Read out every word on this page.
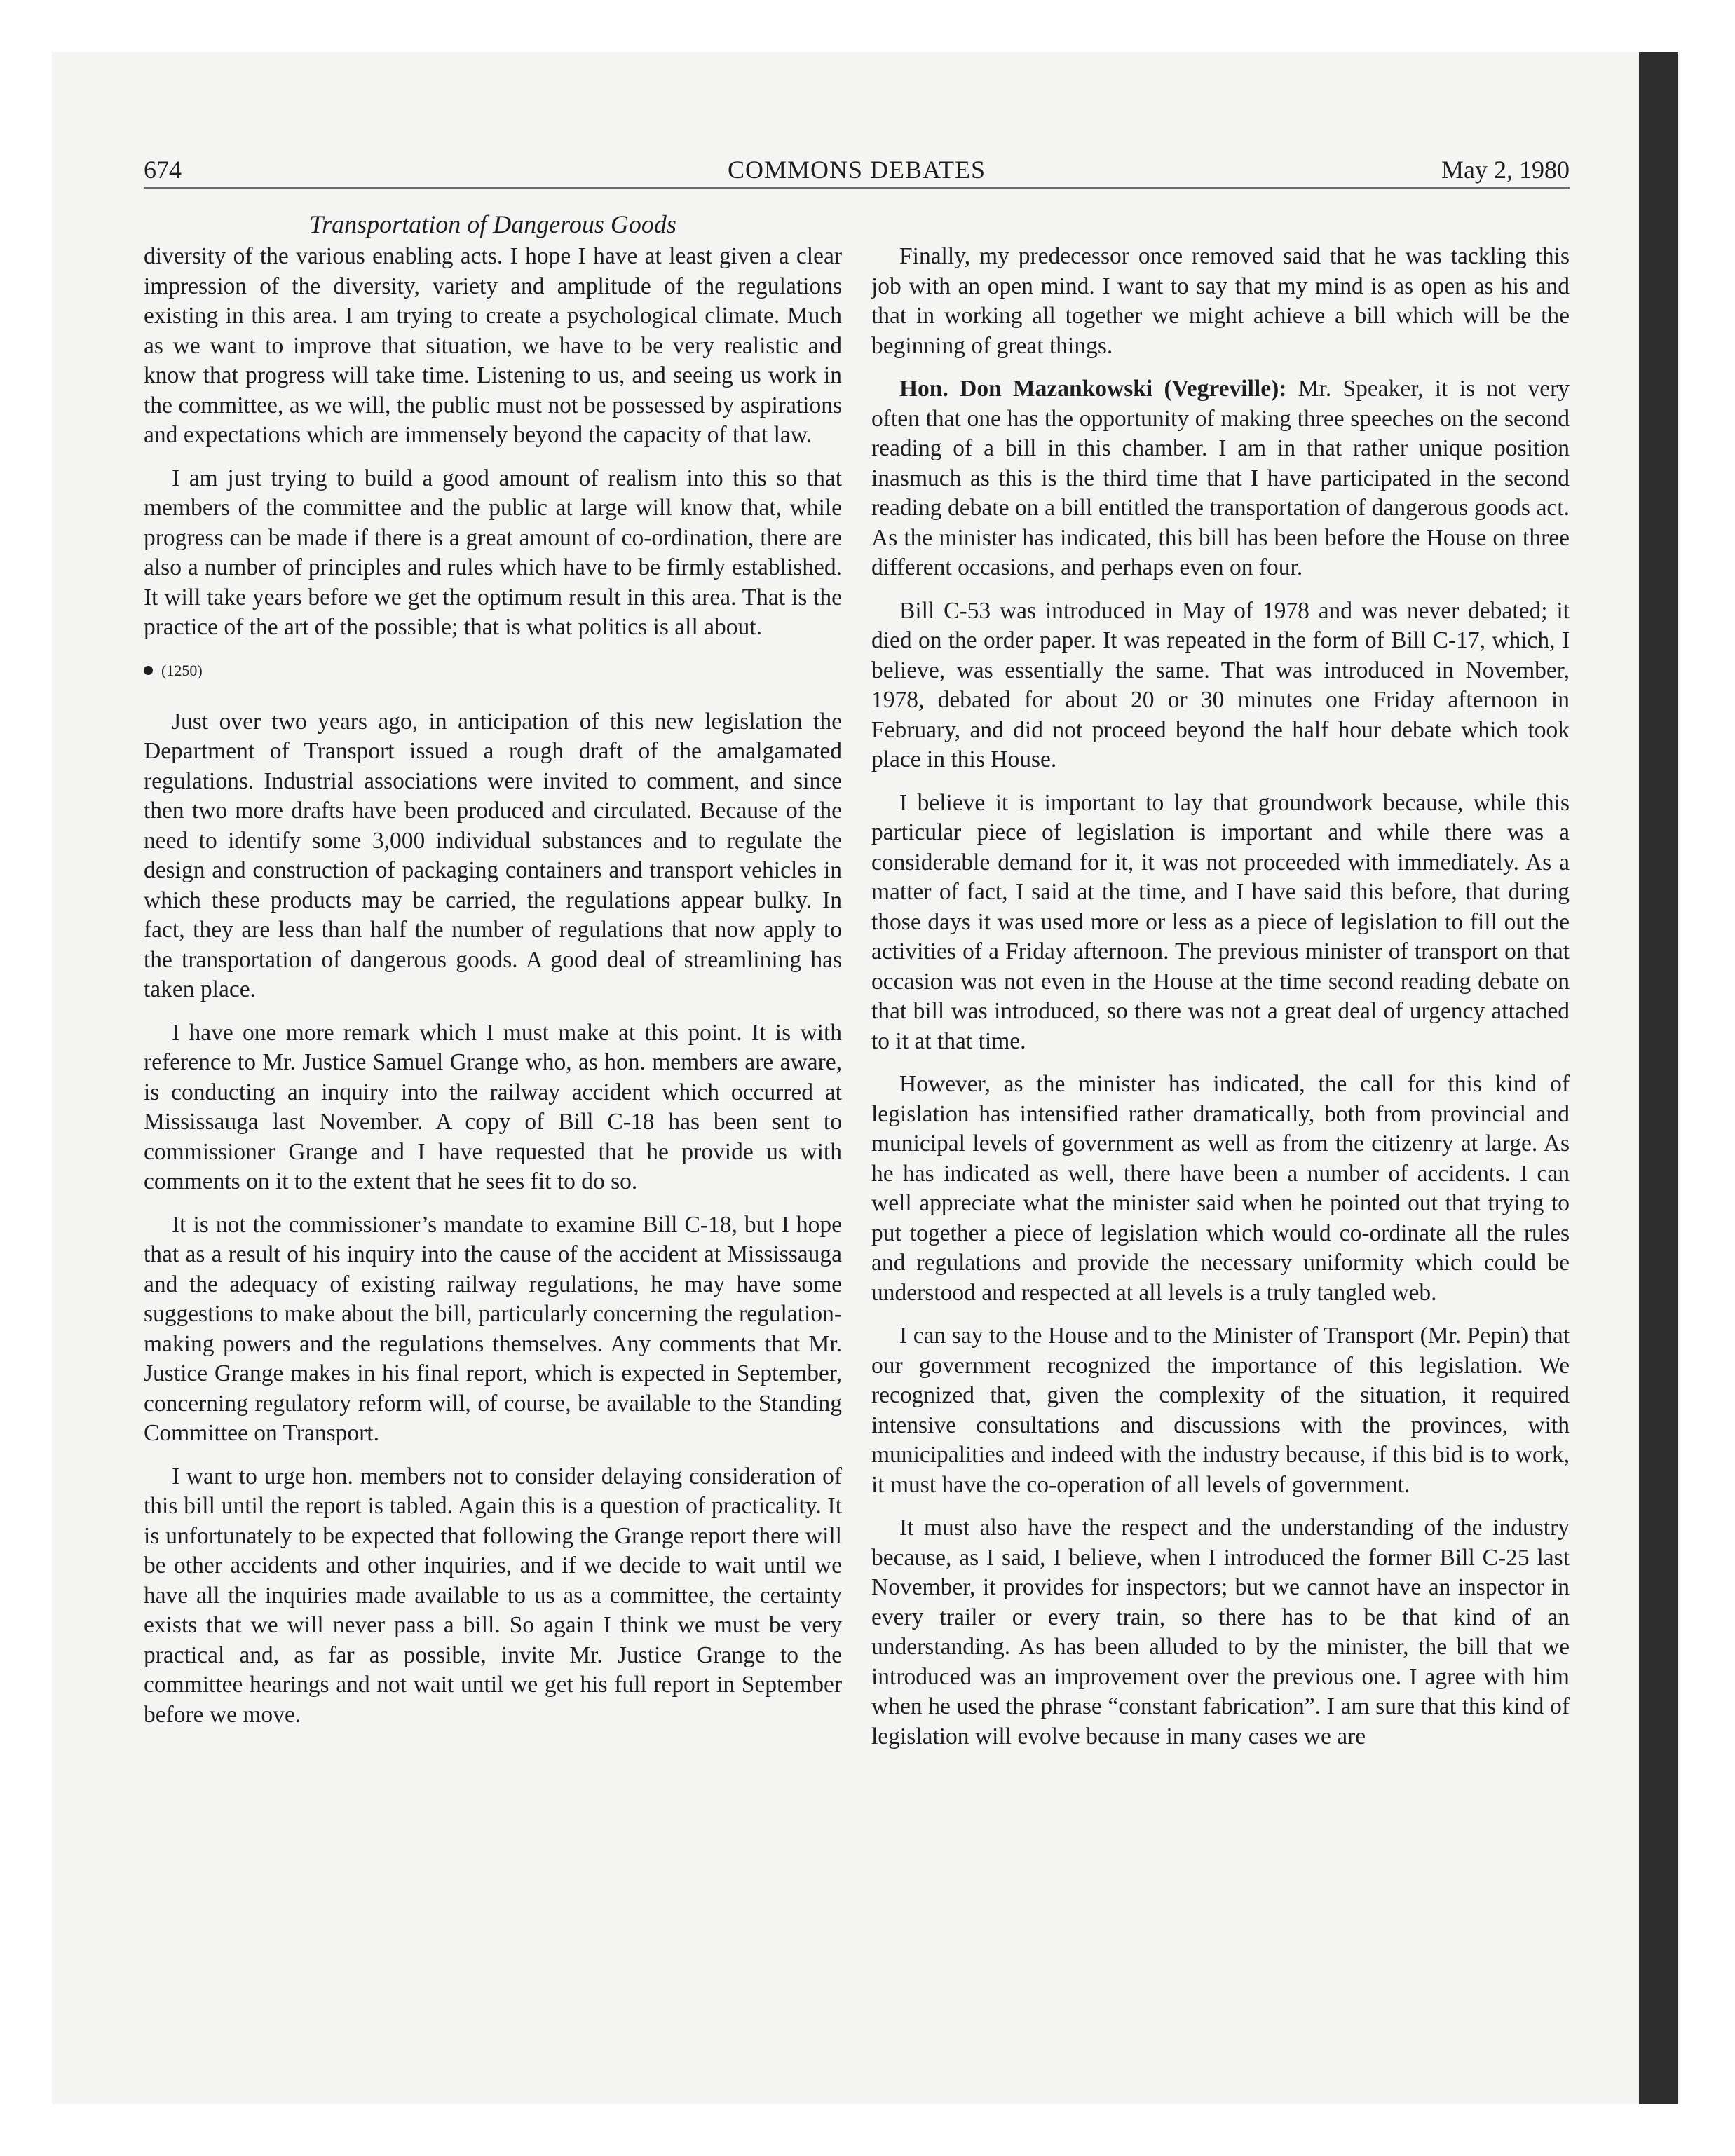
674	COMMONS DEBATES	May 2, 1980
Transportation of Dangerous Goods

diversity of the various enabling acts. I hope I have at least given a clear impression of the diversity, variety and amplitude of the regulations existing in this area. I am trying to create a psychological climate. Much as we want to improve that situation, we have to be very realistic and know that progress will take time. Listening to us, and seeing us work in the committee, as we will, the public must not be possessed by aspirations and expectations which are immensely beyond the capacity of that law.

I am just trying to build a good amount of realism into this so that members of the committee and the public at large will know that, while progress can be made if there is a great amount of co-ordination, there are also a number of principles and rules which have to be firmly established. It will take years before we get the optimum result in this area. That is the practice of the art of the possible; that is what politics is all about.

(1250)

Just over two years ago, in anticipation of this new legislation the Department of Transport issued a rough draft of the amalgamated regulations. Industrial associations were invited to comment, and since then two more drafts have been produced and circulated. Because of the need to identify some 3,000 individual substances and to regulate the design and construction of packaging containers and transport vehicles in which these products may be carried, the regulations appear bulky. In fact, they are less than half the number of regulations that now apply to the transportation of dangerous goods. A good deal of streamlining has taken place.

I have one more remark which I must make at this point. It is with reference to Mr. Justice Samuel Grange who, as hon. members are aware, is conducting an inquiry into the railway accident which occurred at Mississauga last November. A copy of Bill C-18 has been sent to commissioner Grange and I have requested that he provide us with comments on it to the extent that he sees fit to do so.

It is not the commissioner’s mandate to examine Bill C-18, but I hope that as a result of his inquiry into the cause of the accident at Mississauga and the adequacy of existing railway regulations, he may have some suggestions to make about the bill, particularly concerning the regulation-making powers and the regulations themselves. Any comments that Mr. Justice Grange makes in his final report, which is expected in September, concerning regulatory reform will, of course, be available to the Standing Committee on Transport.

I want to urge hon. members not to consider delaying consideration of this bill until the report is tabled. Again this is a question of practicality. It is unfortunately to be expected that following the Grange report there will be other accidents and other inquiries, and if we decide to wait until we have all the inquiries made available to us as a committee, the certainty exists that we will never pass a bill. So again I think we must be very practical and, as far as possible, invite Mr. Justice Grange to the committee hearings and not wait until we get his full report in September before we move.

Finally, my predecessor once removed said that he was tackling this job with an open mind. I want to say that my mind is as open as his and that in working all together we might achieve a bill which will be the beginning of great things.

Hon. Don Mazankowski (Vegreville): Mr. Speaker, it is not very often that one has the opportunity of making three speeches on the second reading of a bill in this chamber. I am in that rather unique position inasmuch as this is the third time that I have participated in the second reading debate on a bill entitled the transportation of dangerous goods act. As the minister has indicated, this bill has been before the House on three different occasions, and perhaps even on four.

Bill C-53 was introduced in May of 1978 and was never debated; it died on the order paper. It was repeated in the form of Bill C-17, which, I believe, was essentially the same. That was introduced in November, 1978, debated for about 20 or 30 minutes one Friday afternoon in February, and did not proceed beyond the half hour debate which took place in this House.

I believe it is important to lay that groundwork because, while this particular piece of legislation is important and while there was a considerable demand for it, it was not proceeded with immediately. As a matter of fact, I said at the time, and I have said this before, that during those days it was used more or less as a piece of legislation to fill out the activities of a Friday afternoon. The previous minister of transport on that occasion was not even in the House at the time second reading debate on that bill was introduced, so there was not a great deal of urgency attached to it at that time.

However, as the minister has indicated, the call for this kind of legislation has intensified rather dramatically, both from provincial and municipal levels of government as well as from the citizenry at large. As he has indicated as well, there have been a number of accidents. I can well appreciate what the minister said when he pointed out that trying to put together a piece of legislation which would co-ordinate all the rules and regulations and provide the necessary uniformity which could be understood and respected at all levels is a truly tangled web.

I can say to the House and to the Minister of Transport (Mr. Pepin) that our government recognized the importance of this legislation. We recognized that, given the complexity of the situation, it required intensive consultations and discussions with the provinces, with municipalities and indeed with the industry because, if this bid is to work, it must have the co-operation of all levels of government.

It must also have the respect and the understanding of the industry because, as I said, I believe, when I introduced the former Bill C-25 last November, it provides for inspectors; but we cannot have an inspector in every trailer or every train, so there has to be that kind of an understanding. As has been alluded to by the minister, the bill that we introduced was an improvement over the previous one. I agree with him when he used the phrase “constant fabrication”. I am sure that this kind of legislation will evolve because in many cases we are
